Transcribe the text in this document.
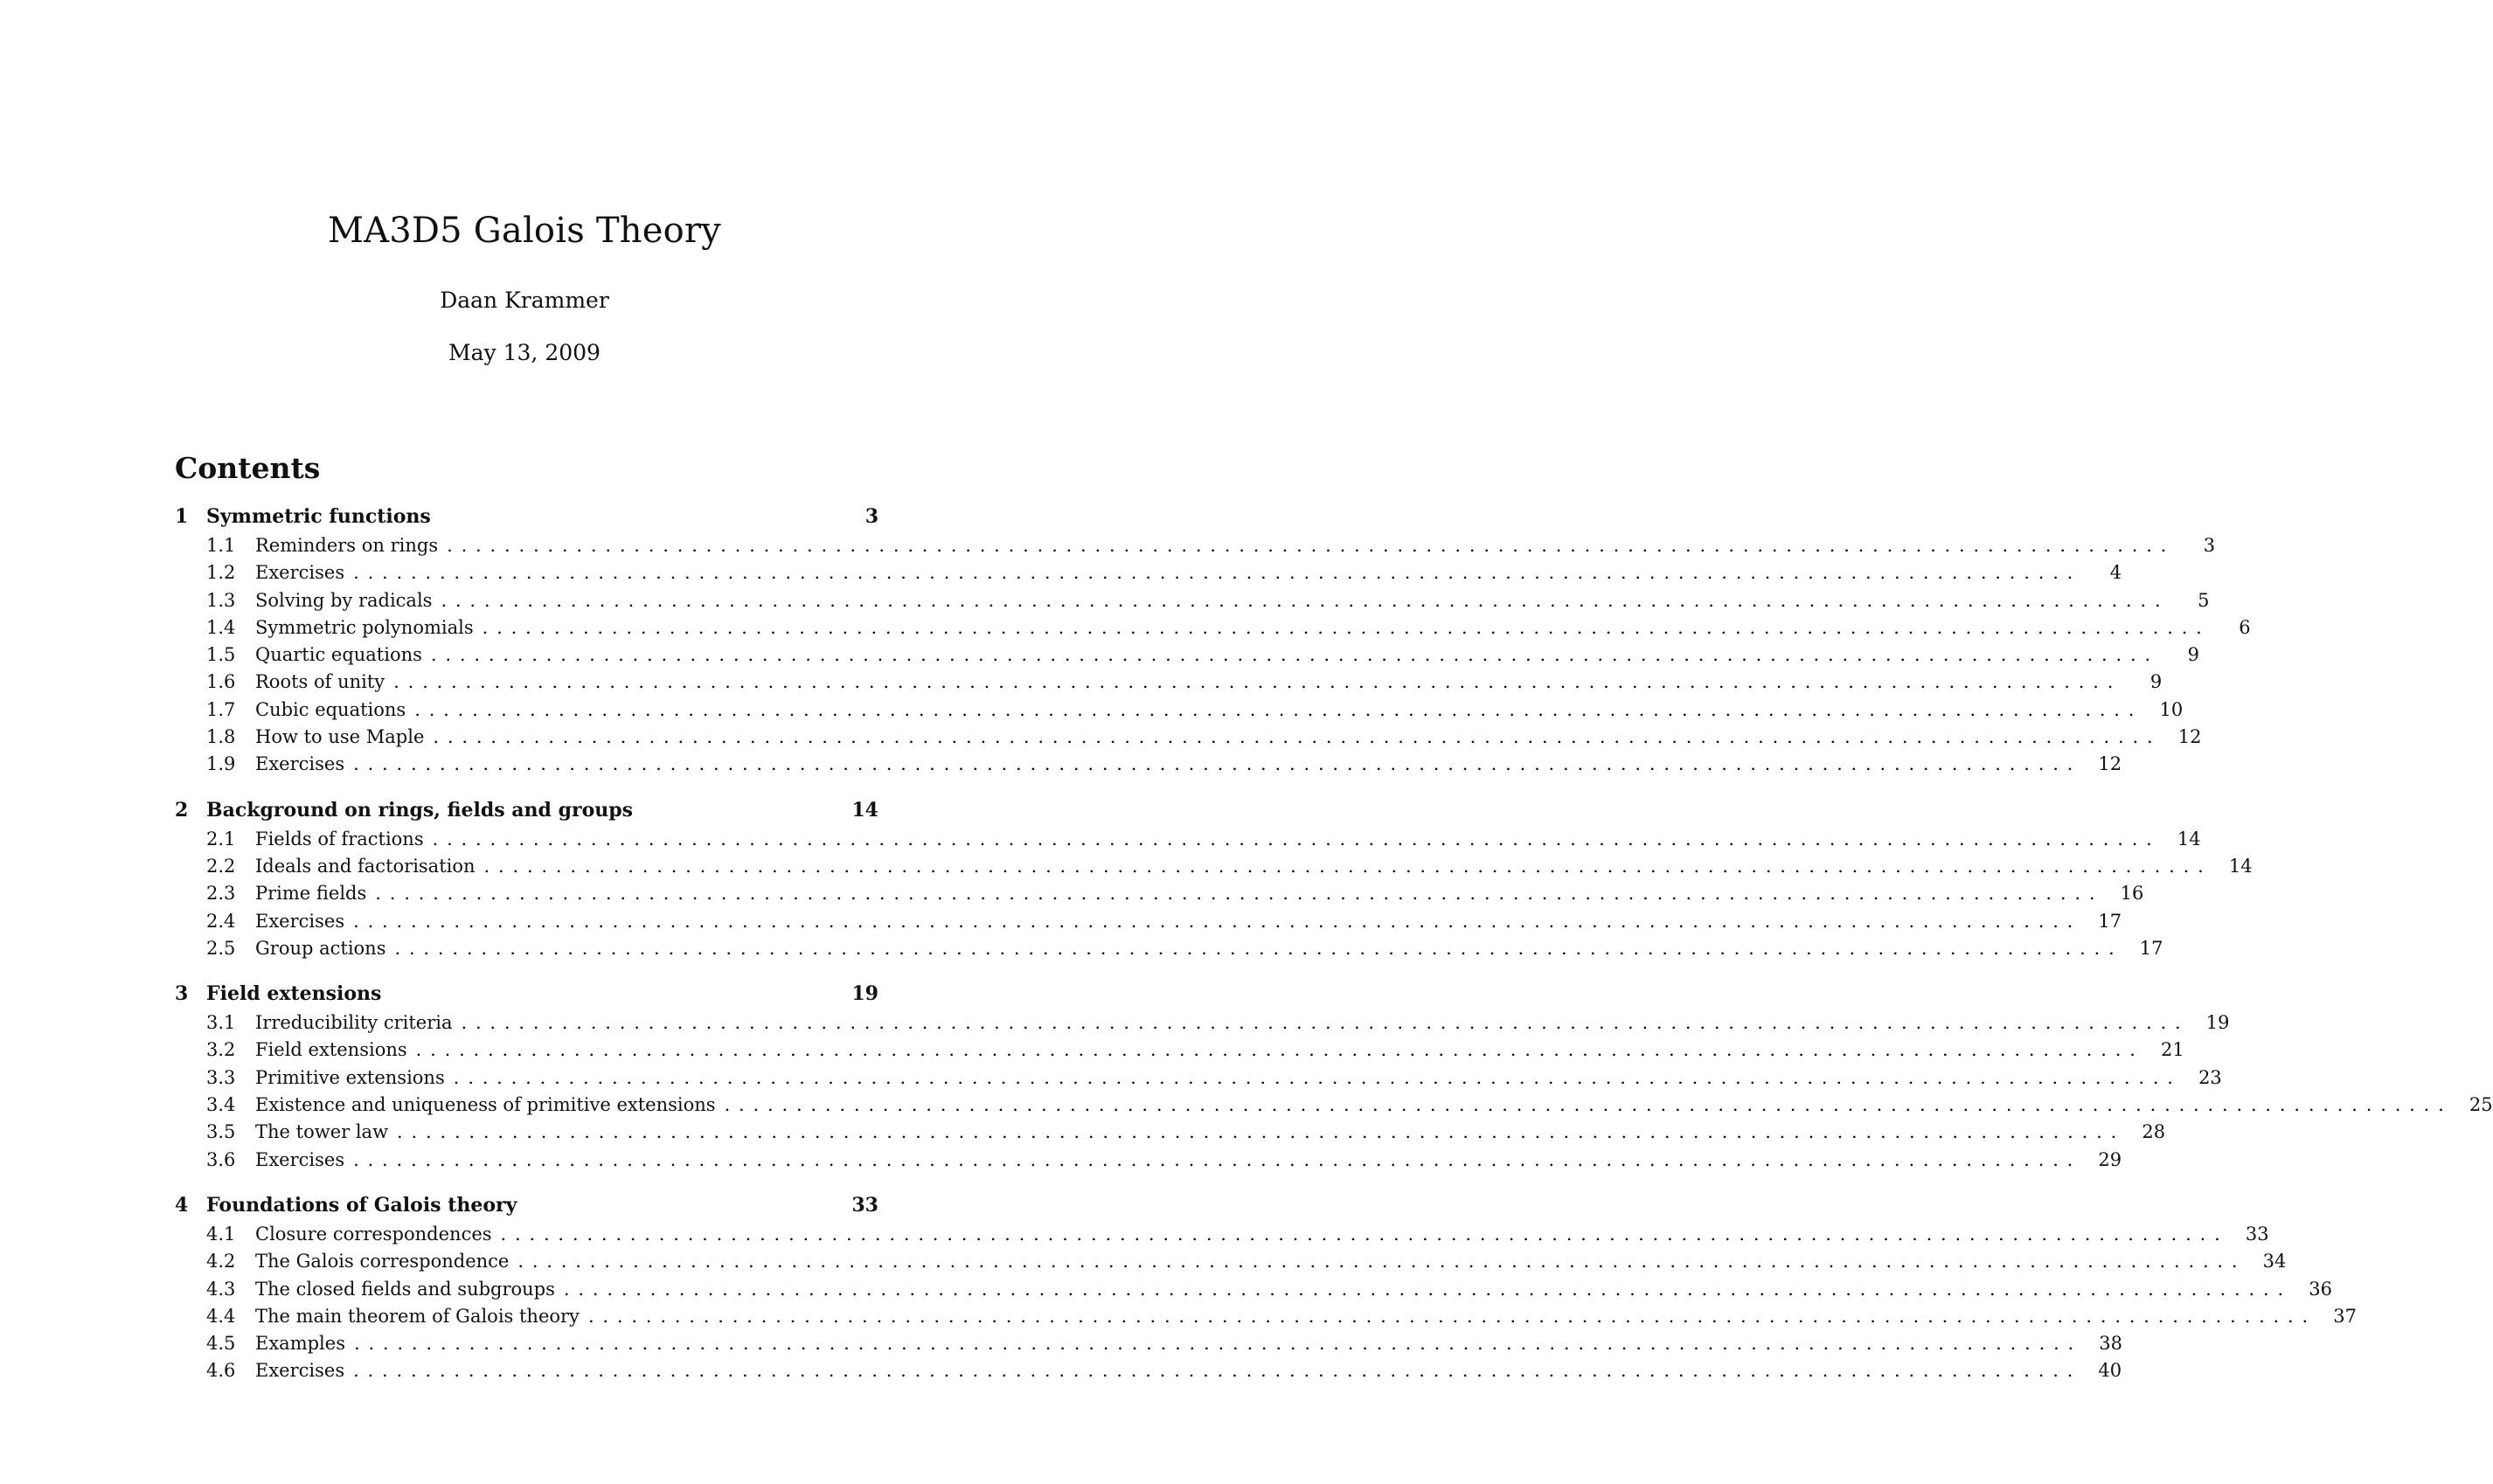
MA3D5 Galois Theory
Daan Krammer
May 13, 2009
Contents
1 Symmetric functions	3
1.1	Reminders on rings ........................................................................................................................	3
1.2	Exercises ........................................................................................................................	4
1.3	Solving by radicals ........................................................................................................................	5
1.4	Symmetric polynomials ........................................................................................................................	6
1.5	Quartic equations ........................................................................................................................	9
1.6	Roots of unity ........................................................................................................................	9
1.7	Cubic equations ........................................................................................................................ 10
1.8	How to use Maple ........................................................................................................................ 12
1.9	Exercises ........................................................................................................................ 12
2 Background on rings, fields and groups	14
2.1	Fields of fractions ........................................................................................................................ 14
2.2	Ideals and factorisation ........................................................................................................................ 14
2.3	Prime fields ........................................................................................................................ 16
2.4	Exercises ........................................................................................................................ 17
2.5	Group actions ........................................................................................................................ 17
3 Field extensions	19
3.1	Irreducibility criteria ........................................................................................................................ 19
3.2	Field extensions ........................................................................................................................ 21
3.3	Primitive extensions ........................................................................................................................ 23
3.4	Existence and uniqueness of primitive extensions ........................................................................................................................ 25
3.5	The tower law ........................................................................................................................ 28
3.6	Exercises ........................................................................................................................ 29
4 Foundations of Galois theory	33
4.1	Closure correspondences ........................................................................................................................ 33
4.2	The Galois correspondence ........................................................................................................................ 34
4.3	The closed fields and subgroups ........................................................................................................................ 36
4.4	The main theorem of Galois theory ........................................................................................................................ 37
4.5	Examples ........................................................................................................................ 38
4.6	Exercises ........................................................................................................................ 40
